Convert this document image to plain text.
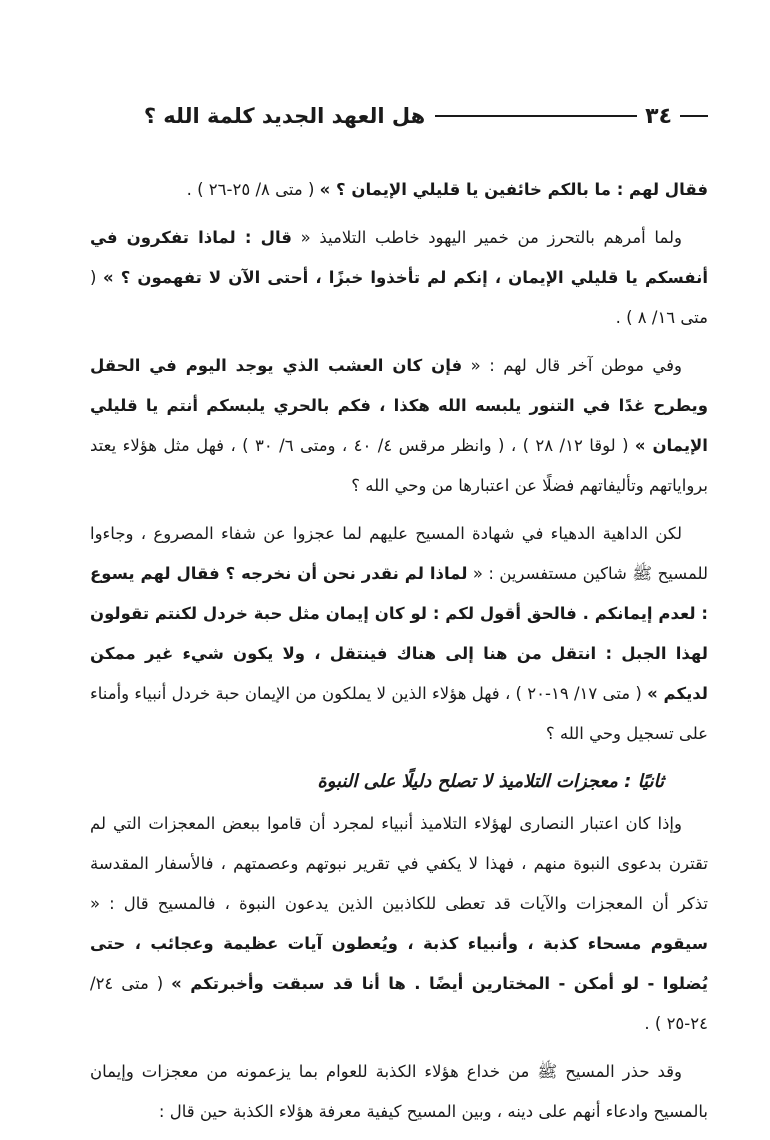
٣٤
هل العهد الجديد كلمة الله ؟

فقال لهم : ما بالكم خائفين يا قليلي الإيمان ؟ » ( متى ٨/ ٢٥-٢٦ ) .

ولما أمرهم بالتحرز من خمير اليهود خاطب التلاميذ « قال : لماذا تفكرون في أنفسكم يا قليلي الإيمان ، إنكم لم تأخذوا خبزًا ، أحتى الآن لا تفهمون ؟ » ( متى ١٦/ ٨ ) .

وفي موطن آخر قال لهم : « فإن كان العشب الذي يوجد اليوم في الحقل ويطرح غدًا في التنور يلبسه الله هكذا ، فكم بالحري يلبسكم أنتم يا قليلي الإيمان » ( لوقا ١٢/ ٢٨ ) ، ( وانظر مرقس ٤/ ٤٠ ، ومتى ٦/ ٣٠ ) ، فهل مثل هؤلاء يعتد برواياتهم وتأليفاتهم فضلًا عن اعتبارها من وحي الله ؟

لكن الداهية الدهياء في شهادة المسيح عليهم لما عجزوا عن شفاء المصروع ، وجاءوا للمسيح ﷺ شاكين مستفسرين : « لماذا لم نقدر نحن أن نخرجه ؟ فقال لهم يسوع : لعدم إيمانكم . فالحق أقول لكم : لو كان إيمان مثل حبة خردل لكنتم تقولون لهذا الجبل : انتقل من هنا إلى هناك فينتقل ، ولا يكون شيء غير ممكن لديكم » ( متى ١٧/ ١٩-٢٠ ) ، فهل هؤلاء الذين لا يملكون من الإيمان حبة خردل أنبياء وأمناء على تسجيل وحي الله ؟

ثانيًا : معجزات التلاميذ لا تصلح دليلًا على النبوة

وإذا كان اعتبار النصارى لهؤلاء التلاميذ أنبياء لمجرد أن قاموا ببعض المعجزات التي لم تقترن بدعوى النبوة منهم ، فهذا لا يكفي في تقرير نبوتهم وعصمتهم ، فالأسفار المقدسة تذكر أن المعجزات والآيات قد تعطى للكاذبين الذين يدعون النبوة ، فالمسيح قال : « سيقوم مسحاء كذبة ، وأنبياء كذبة ، ويُعطون آيات عظيمة وعجائب ، حتى يُضلوا - لو أمكن - المختارين أيضًا . ها أنا قد سبقت وأخبرتكم » ( متى ٢٤/ ٢٤-٢٥ ) .

وقد حذر المسيح ﷺ من خداع هؤلاء الكذبة للعوام بما يزعمونه من معجزات وإيمان بالمسيح وادعاء أنهم على دينه ، وبين المسيح كيفية معرفة هؤلاء الكذبة حين قال :
